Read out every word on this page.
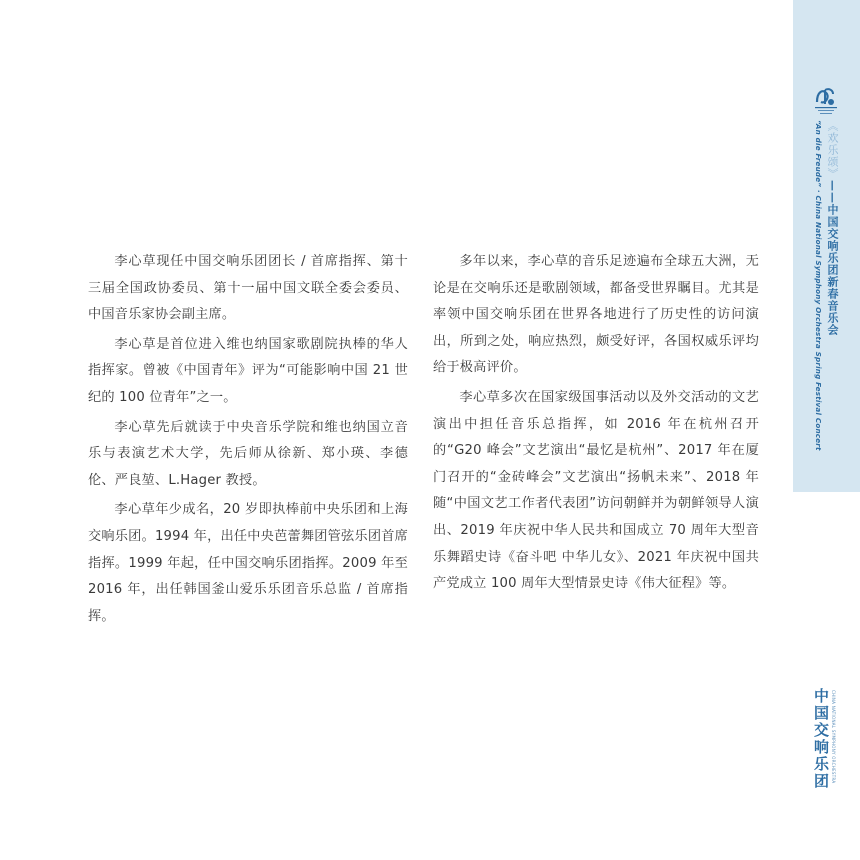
李心草现任中国交响乐团团长 / 首席指挥、第十三届全国政协委员、第十一届中国文联全委会委员、中国音乐家协会副主席。

李心草是首位进入维也纳国家歌剧院执棒的华人指挥家。曾被《中国青年》评为“可能影响中国 21 世纪的 100 位青年”之一。

李心草先后就读于中央音乐学院和维也纳国立音乐与表演艺术大学，先后师从徐新、郑小瑛、李德伦、严良堃、L.Hager 教授。

李心草年少成名，20 岁即执棒前中央乐团和上海交响乐团。1994 年，出任中央芭蕾舞团管弦乐团首席指挥。1999 年起，任中国交响乐团指挥。2009 年至 2016 年，出任韩国釜山爱乐乐团音乐总监 / 首席指挥。

多年以来，李心草的音乐足迹遍布全球五大洲，无论是在交响乐还是歌剧领域，都备受世界瞩目。尤其是率领中国交响乐团在世界各地进行了历史性的访问演出，所到之处，响应热烈，颇受好评，各国权威乐评均给于极高评价。

李心草多次在国家级国事活动以及外交活动的文艺演出中担任音乐总指挥，如 2016 年在杭州召开的“G20 峰会”文艺演出“最忆是杭州”、2017 年在厦门召开的“金砖峰会”文艺演出“扬帆未来”、2018 年随“中国文艺工作者代表团”访问朝鲜并为朝鲜领导人演出、2019 年庆祝中华人民共和国成立 70 周年大型音乐舞蹈史诗《奋斗吧 中华儿女》、2021 年庆祝中国共产党成立 100 周年大型情景史诗《伟大征程》等。

“An die Freude” · China National Symphony Orchestra Spring Festival Concert 《欢乐颂》——中国交响乐团新春音乐会
中国交响乐团 CHINA NATIONAL SYMPHONY ORCHESTRA
